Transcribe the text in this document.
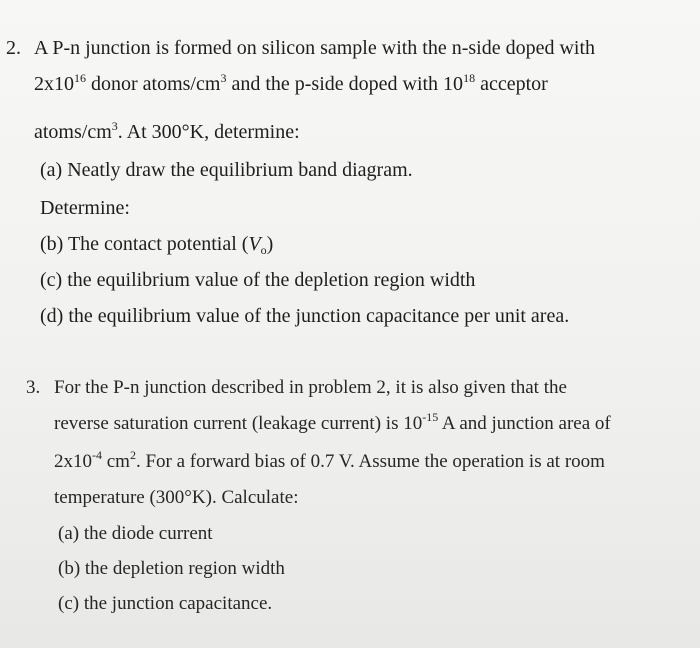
2. A P-n junction is formed on silicon sample with the n-side doped with
$2x10^{16}$ donor atoms/$cm^3$ and the p-side doped with $10^{18}$ acceptor
atoms/$cm^3$. At 300°K, determine:
(a) Neatly draw the equilibrium band diagram.
Determine:
(b) The contact potential $(V_o)$
(c) the equilibrium value of the depletion region width
(d) the equilibrium value of the junction capacitance per unit area.
3. For the P-n junction described in problem 2, it is also given that the
reverse saturation current (leakage current) is $10^{-15}$ A and junction area of
$2x10^{-4}$ $cm^2$. For a forward bias of 0.7 V. Assume the operation is at room
temperature (300°K). Calculate:
(a) the diode current
(b) the depletion region width
(c) the junction capacitance.
